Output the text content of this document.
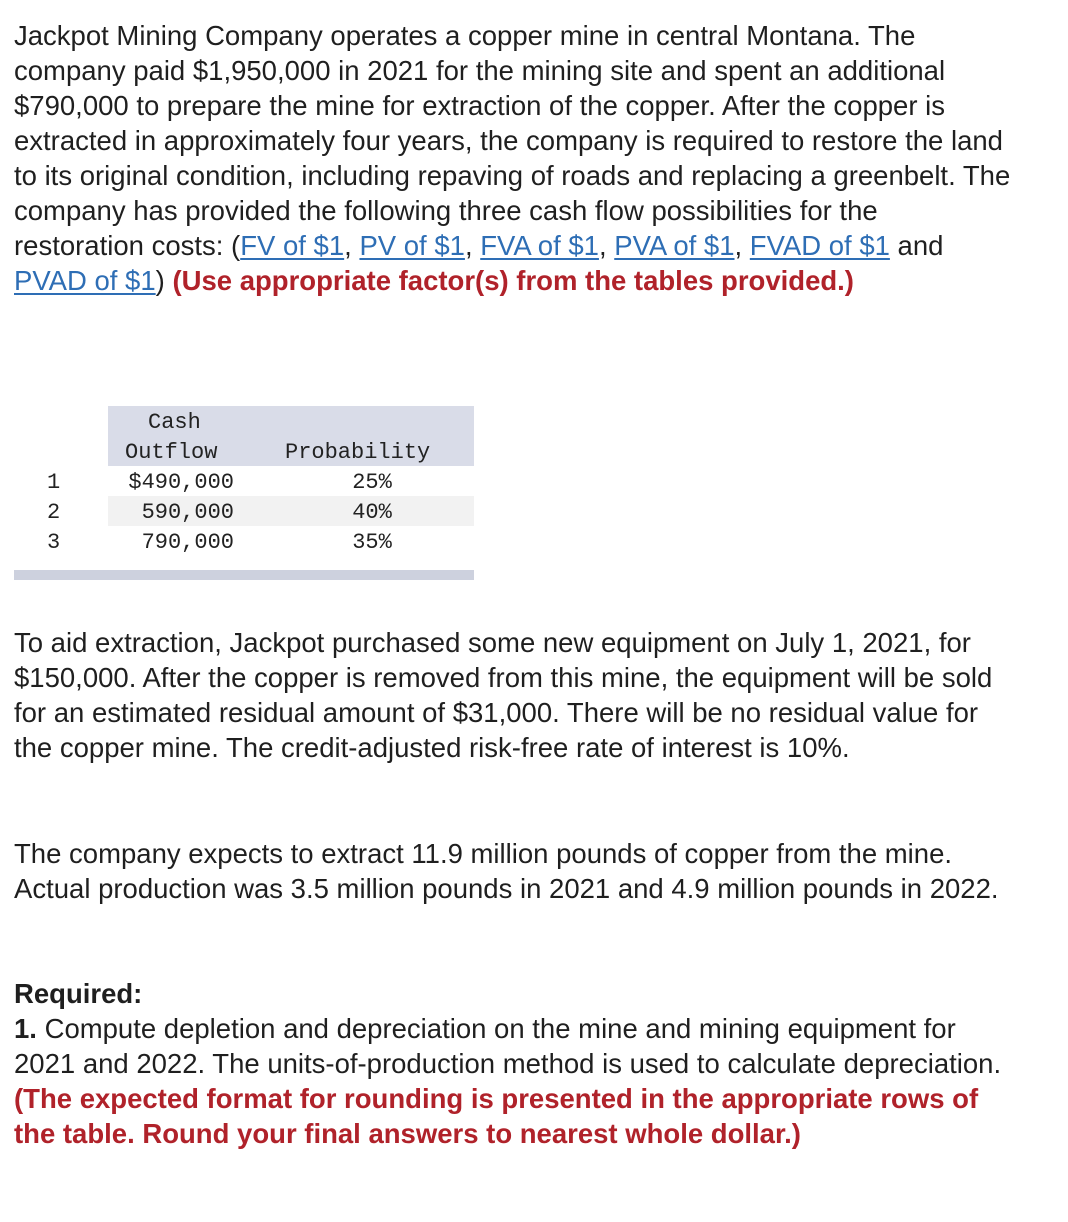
Jackpot Mining Company operates a copper mine in central Montana. The company paid $1,950,000 in 2021 for the mining site and spent an additional $790,000 to prepare the mine for extraction of the copper. After the copper is extracted in approximately four years, the company is required to restore the land to its original condition, including repaving of roads and replacing a greenbelt. The company has provided the following three cash flow possibilities for the restoration costs: (FV of $1, PV of $1, FVA of $1, PVA of $1, FVAD of $1 and PVAD of $1) (Use appropriate factor(s) from the tables provided.)

Cash
Outflow	Probability
1	$490,000	25%
2	590,000	40%
3	790,000	35%

To aid extraction, Jackpot purchased some new equipment on July 1, 2021, for $150,000. After the copper is removed from this mine, the equipment will be sold for an estimated residual amount of $31,000. There will be no residual value for the copper mine. The credit-adjusted risk-free rate of interest is 10%.

The company expects to extract 11.9 million pounds of copper from the mine. Actual production was 3.5 million pounds in 2021 and 4.9 million pounds in 2022.

Required:
1. Compute depletion and depreciation on the mine and mining equipment for 2021 and 2022. The units-of-production method is used to calculate depreciation. (The expected format for rounding is presented in the appropriate rows of the table. Round your final answers to nearest whole dollar.)
